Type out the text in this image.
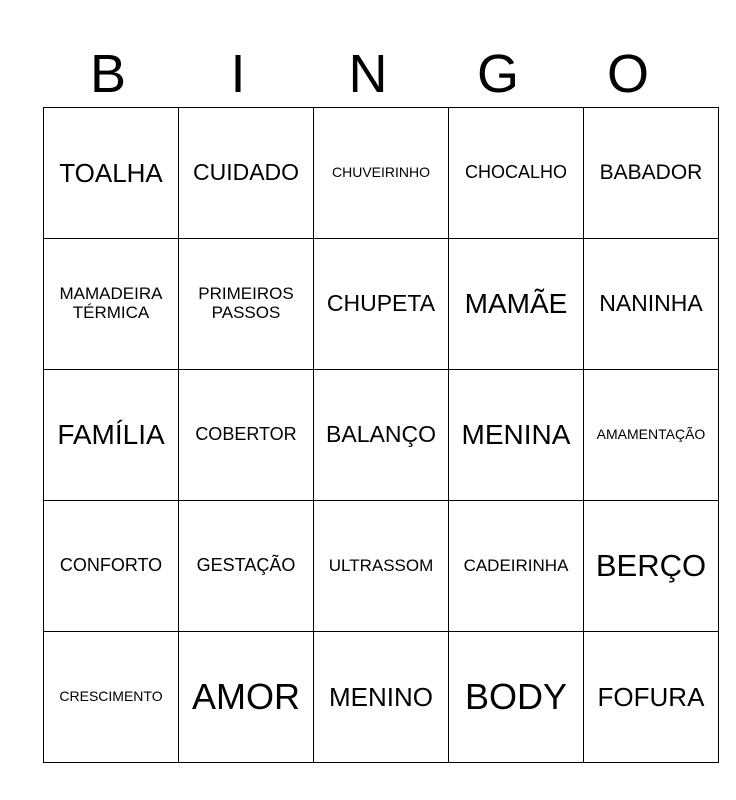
B	I	N	G	O
TOALHA	CUIDADO	CHUVEIRINHO	CHOCALHO	BABADOR
MAMADEIRA TÉRMICA	PRIMEIROS PASSOS	CHUPETA	MAMÃE	NANINHA
FAMÍLIA	COBERTOR	BALANÇO	MENINA	AMAMENTAÇÃO
CONFORTO	GESTAÇÃO	ULTRASSOM	CADEIRINHA	BERÇO
CRESCIMENTO	AMOR	MENINO	BODY	FOFURA
